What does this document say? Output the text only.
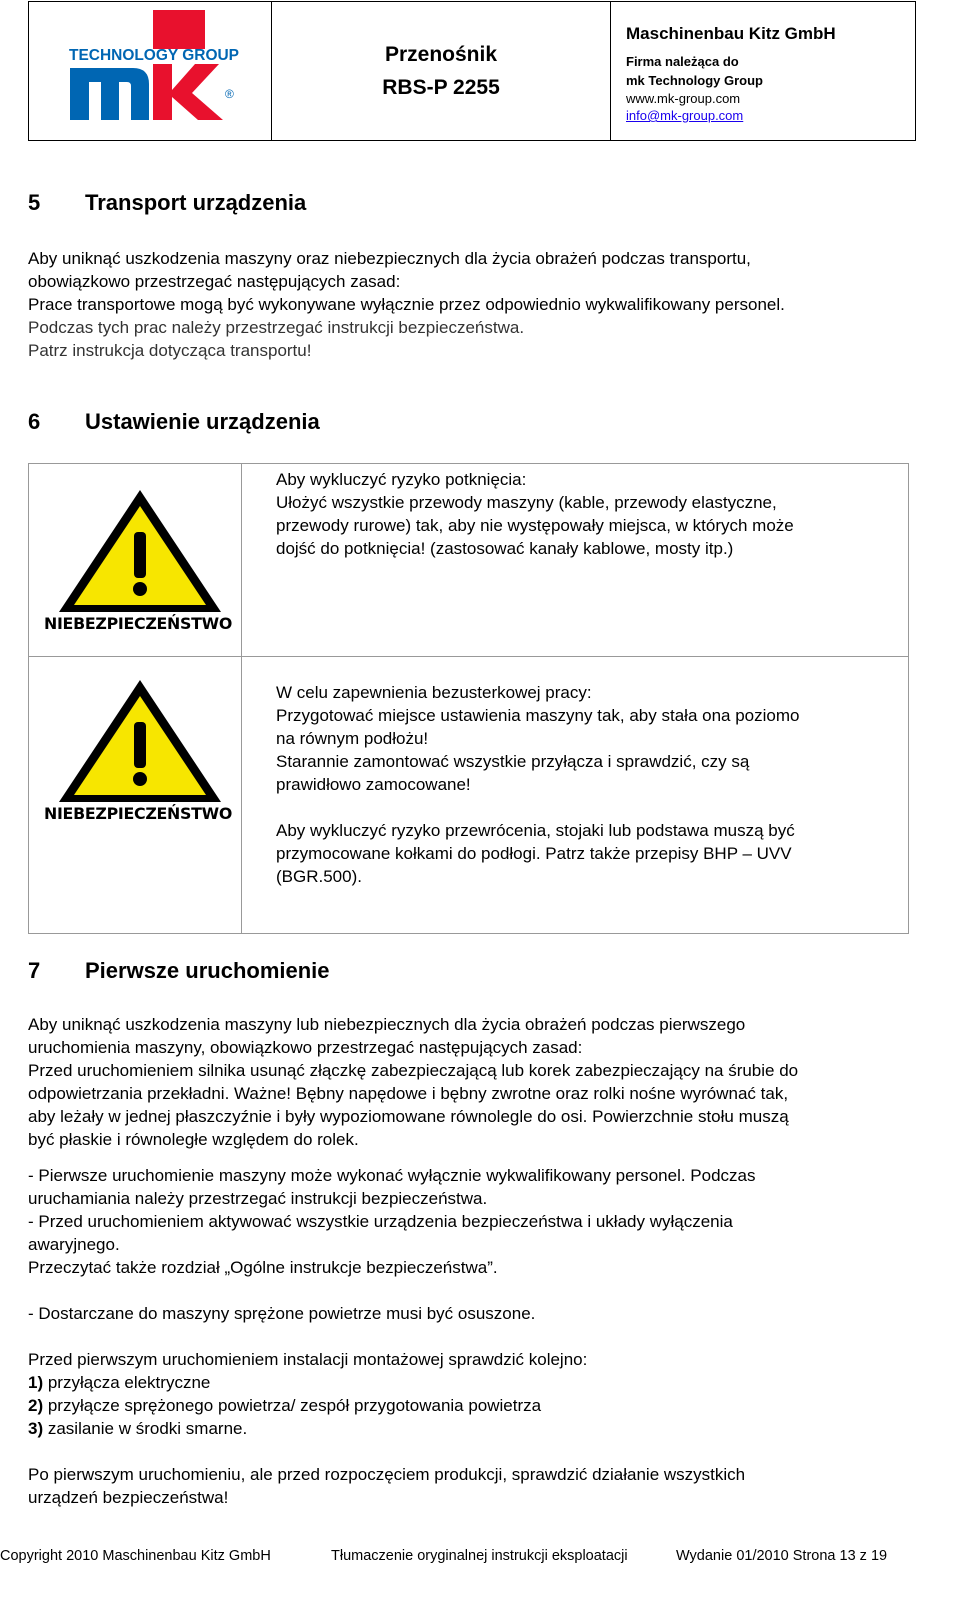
TECHNOLOGY GROUP
®
Przenośnik
RBS-P 2255
Maschinenbau Kitz GmbH
Firma należąca do
mk Technology Group
www.mk-group.com
info@mk-group.com
5	Transport urządzenia
Aby uniknąć uszkodzenia maszyny oraz niebezpiecznych dla życia obrażeń podczas transportu,
obowiązkowo przestrzegać następujących zasad:
Prace transportowe mogą być wykonywane wyłącznie przez odpowiednio wykwalifikowany personel.
Podczas tych prac należy przestrzegać instrukcji bezpieczeństwa.
Patrz instrukcja dotycząca transportu!
6	Ustawienie urządzenia
NIEBEZPIECZEŃSTWO
Aby wykluczyć ryzyko potknięcia:
Ułożyć wszystkie przewody maszyny (kable, przewody elastyczne,
przewody rurowe) tak, aby nie występowały miejsca, w których może
dojść do potknięcia! (zastosować kanały kablowe, mosty itp.)
NIEBEZPIECZEŃSTWO
W celu zapewnienia bezusterkowej pracy:
Przygotować miejsce ustawienia maszyny tak, aby stała ona poziomo
na równym podłożu!
Starannie zamontować wszystkie przyłącza i sprawdzić, czy są
prawidłowo zamocowane!
Aby wykluczyć ryzyko przewrócenia, stojaki lub podstawa muszą być
przymocowane kołkami do podłogi. Patrz także przepisy BHP – UVV
(BGR.500).
7	Pierwsze uruchomienie
Aby uniknąć uszkodzenia maszyny lub niebezpiecznych dla życia obrażeń podczas pierwszego
uruchomienia maszyny, obowiązkowo przestrzegać następujących zasad:
Przed uruchomieniem silnika usunąć złączkę zabezpieczającą lub korek zabezpieczający na śrubie do
odpowietrzania przekładni. Ważne! Bębny napędowe i bębny zwrotne oraz rolki nośne wyrównać tak,
aby leżały w jednej płaszczyźnie i były wypoziomowane równolegle do osi. Powierzchnie stołu muszą
być płaskie i równoległe względem do rolek.
- Pierwsze uruchomienie maszyny może wykonać wyłącznie wykwalifikowany personel. Podczas
uruchamiania należy przestrzegać instrukcji bezpieczeństwa.
- Przed uruchomieniem aktywować wszystkie urządzenia bezpieczeństwa i układy wyłączenia
awaryjnego.
Przeczytać także rozdział „Ogólne instrukcje bezpieczeństwa”.
- Dostarczane do maszyny sprężone powietrze musi być osuszone.
Przed pierwszym uruchomieniem instalacji montażowej sprawdzić kolejno:
1) przyłącza elektryczne
2) przyłącze sprężonego powietrza/ zespół przygotowania powietrza
3) zasilanie w środki smarne.
Po pierwszym uruchomieniu, ale przed rozpoczęciem produkcji, sprawdzić działanie wszystkich
urządzeń bezpieczeństwa!
Copyright 2010 Maschinenbau Kitz GmbH	Tłumaczenie oryginalnej instrukcji eksploatacji	Wydanie 01/2010 Strona 13 z 19
